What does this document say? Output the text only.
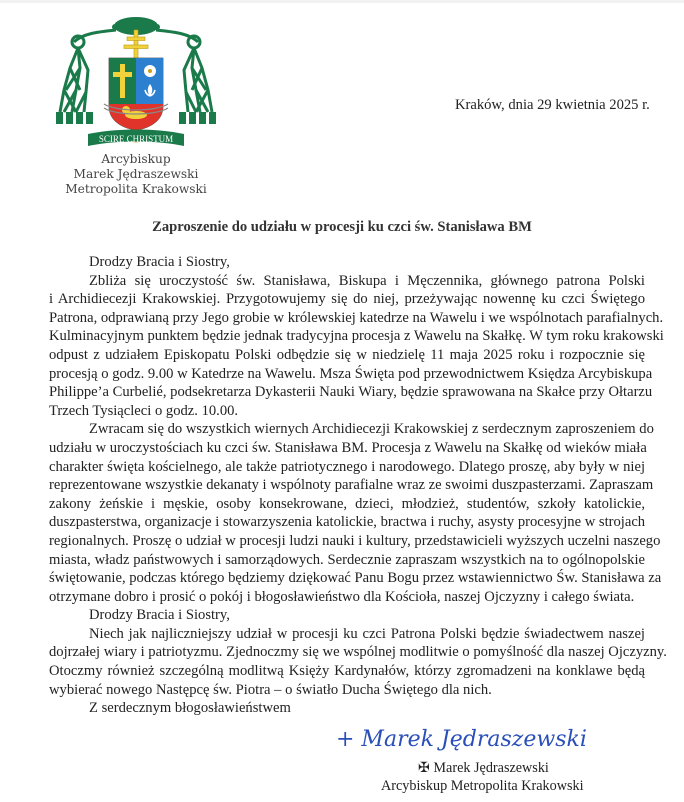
SCIRE CHRISTUM
Arcybiskup
Marek Jędraszewski
Metropolita Krakowski
Kraków, dnia 29 kwietnia 2025 r.
Zaproszenie do udziału w procesji ku czci św. Stanisława BM
Drodzy Bracia i Siostry,
Zbliża się uroczystość św. Stanisława, Biskupa i Męczennika, głównego patrona Polski
i Archidiecezji Krakowskiej. Przygotowujemy się do niej, przeżywając nowennę ku czci Świętego
Patrona, odprawianą przy Jego grobie w królewskiej katedrze na Wawelu i we wspólnotach parafialnych.
Kulminacyjnym punktem będzie jednak tradycyjna procesja z Wawelu na Skałkę. W tym roku krakowski
odpust z udziałem Episkopatu Polski odbędzie się w niedzielę 11 maja 2025 roku i rozpocznie się
procesją o godz. 9.00 w Katedrze na Wawelu. Msza Święta pod przewodnictwem Księdza Arcybiskupa
Philippe’a Curbelié, podsekretarza Dykasterii Nauki Wiary, będzie sprawowana na Skałce przy Ołtarzu
Trzech Tysiącleci o godz. 10.00.
Zwracam się do wszystkich wiernych Archidiecezji Krakowskiej z serdecznym zaproszeniem do
udziału w uroczystościach ku czci św. Stanisława BM. Procesja z Wawelu na Skałkę od wieków miała
charakter święta kościelnego, ale także patriotycznego i narodowego. Dlatego proszę, aby były w niej
reprezentowane wszystkie dekanaty i wspólnoty parafialne wraz ze swoimi duszpasterzami. Zapraszam
zakony żeńskie i męskie, osoby konsekrowane, dzieci, młodzież, studentów, szkoły katolickie,
duszpasterstwa, organizacje i stowarzyszenia katolickie, bractwa i ruchy, asysty procesyjne w strojach
regionalnych. Proszę o udział w procesji ludzi nauki i kultury, przedstawicieli wyższych uczelni naszego
miasta, władz państwowych i samorządowych. Serdecznie zapraszam wszystkich na to ogólnopolskie
świętowanie, podczas którego będziemy dziękować Panu Bogu przez wstawiennictwo Św. Stanisława za
otrzymane dobro i prosić o pokój i błogosławieństwo dla Kościoła, naszej Ojczyzny i całego świata.
Drodzy Bracia i Siostry,
Niech jak najliczniejszy udział w procesji ku czci Patrona Polski będzie świadectwem naszej
dojrzałej wiary i patriotyzmu. Zjednoczmy się we wspólnej modlitwie o pomyślność dla naszej Ojczyzny.
Otoczmy również szczególną modlitwą Księży Kardynałów, którzy zgromadzeni na konklawe będą
wybierać nowego Następcę św. Piotra – o światło Ducha Świętego dla nich.
Z serdecznym błogosławieństwem
+ Marek Jędraszewski
✠ Marek Jędraszewski
Arcybiskup Metropolita Krakowski
